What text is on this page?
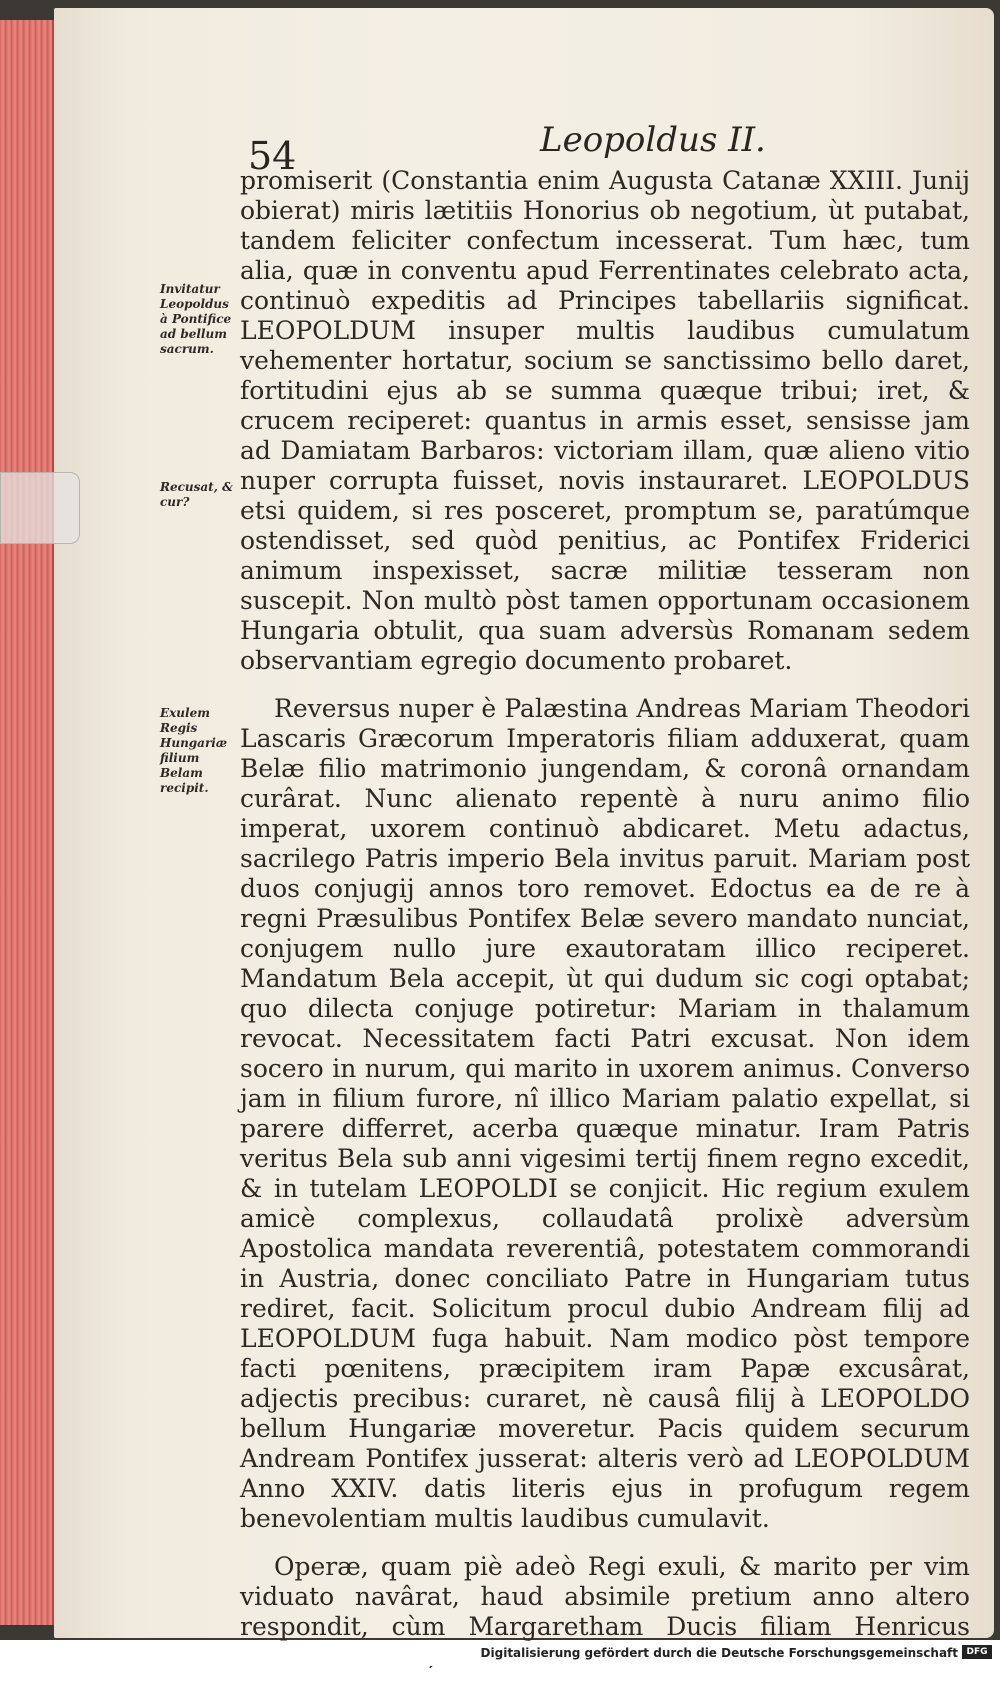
54	Leopoldus II.
Invitatur Leopoldus à Pontifice ad bellum sacrum.
Recusat, & cur?
Exulem Regis Hungariæ filium Belam recipit.

promiserit (Constantia enim Augusta Catanæ XXIII. Junij obierat) miris lætitiis Honorius ob negotium, ùt putabat, tandem feliciter confectum incesserat. Tum hæc, tum alia, quæ in conventu apud Ferrentinates celebrato acta, continuò expeditis ad Principes tabellariis significat. LEOPOLDUM insuper multis laudibus cumulatum vehementer hortatur, socium se sanctissimo bello daret, fortitudini ejus ab se summa quæque tribui; iret, & crucem reciperet: quantus in armis esset, sensisse jam ad Damiatam Barbaros: victoriam illam, quæ alieno vitio nuper corrupta fuisset, novis instauraret. LEOPOLDUS etsi quidem, si res posceret, promptum se, paratúmque ostendisset, sed quòd penitius, ac Pontifex Friderici animum inspexisset, sacræ militiæ tesseram non suscepit. Non multò pòst tamen opportunam occasionem Hungaria obtulit, qua suam adversùs Romanam sedem observantiam egregio documento probaret.

Reversus nuper è Palæstina Andreas Mariam Theodori Lascaris Græcorum Imperatoris filiam adduxerat, quam Belæ filio matrimonio jungendam, & coronâ ornandam curârat. Nunc alienato repentè à nuru animo filio imperat, uxorem continuò abdicaret. Metu adactus, sacrilego Patris imperio Bela invitus paruit. Mariam post duos conjugij annos toro removet. Edoctus ea de re à regni Præsulibus Pontifex Belæ severo mandato nunciat, conjugem nullo jure exautoratam illico reciperet. Mandatum Bela accepit, ùt qui dudum sic cogi optabat; quo dilecta conjuge potiretur: Mariam in thalamum revocat. Necessitatem facti Patri excusat. Non idem socero in nurum, qui marito in uxorem animus. Converso jam in filium furore, nî illico Mariam palatio expellat, si parere differret, acerba quæque minatur. Iram Patris veritus Bela sub anni vigesimi tertij finem regno excedit, & in tutelam LEOPOLDI se conjicit. Hic regium exulem amicè complexus, collaudatâ prolixè adversùm Apostolica mandata reverentiâ, potestatem commorandi in Austria, donec conciliato Patre in Hungariam tutus rediret, facit. Solicitum procul dubio Andream filij ad LEOPOLDUM fuga habuit. Nam modico pòst tempore facti pœnitens, præcipitem iram Papæ excusârat, adjectis precibus: curaret, nè causâ filij à LEOPOLDO bellum Hungariæ moveretur. Pacis quidem securum Andream Pontifex jusserat: alteris verò ad LEOPOLDUM Anno XXIV. datis literis ejus in profugum regem benevolentiam multis laudibus cumulavit.

Operæ, quam piè adeò Regi exuli, & marito per vim viduato navârat, haud absimile pretium anno altero respondit, cùm Margaretham Ducis filiam Henricus

Digitalisierung gefördert durch die Deutsche Forschungsgemeinschaft DFG
